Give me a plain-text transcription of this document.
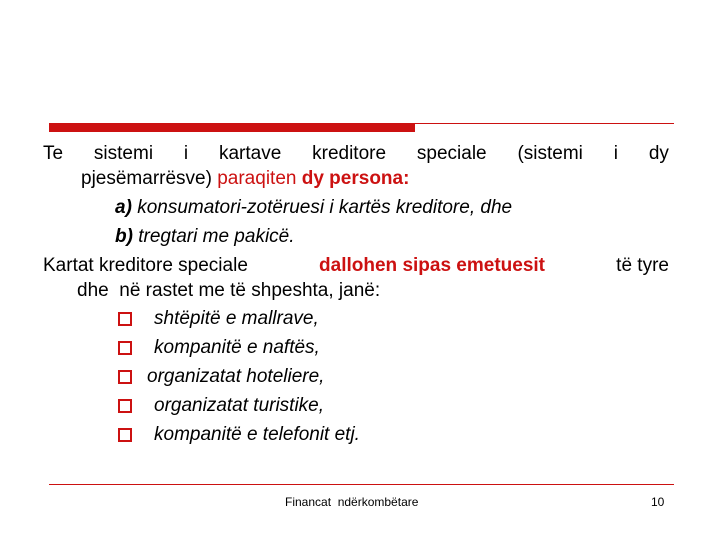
Te sistemi i kartave kreditore speciale (sistemi i dy
pjesëmarrësve) paraqiten dy persona:
a) konsumatori-zotëruesi i kartës kreditore, dhe
b) tregtari me pakicë.
Kartat kreditore speciale	dallohen sipas emetuesit	të tyre
dhe  në rastet me të shpeshta, janë:
shtëpitë e mallrave,
kompanitë e naftës,
organizatat hoteliere,
organizatat turistike,
kompanitë e telefonit etj.
Financat  ndërkombëtare	10
